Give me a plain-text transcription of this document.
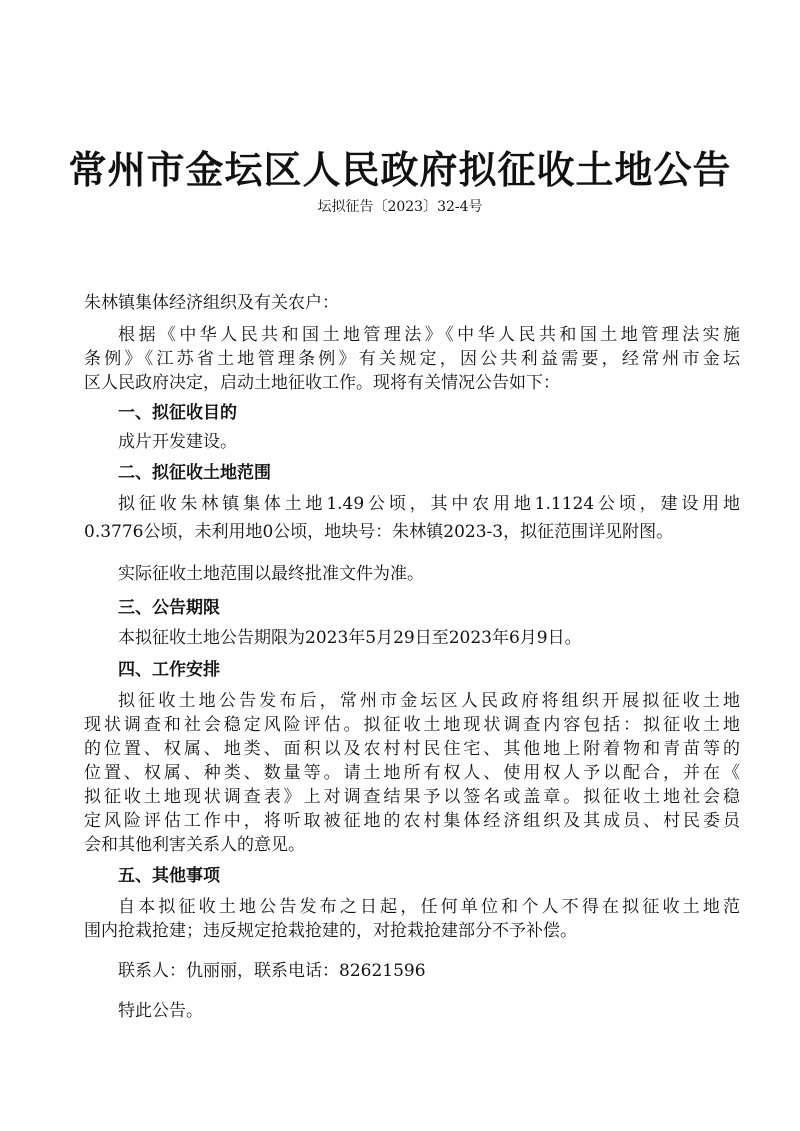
常州市金坛区人民政府拟征收土地公告
坛拟征告〔2023〕32-4号
朱林镇集体经济组织及有关农户：
根据《中华人民共和国土地管理法》《中华人民共和国土地管理法实施
条例》《江苏省土地管理条例》有关规定，因公共利益需要，经常州市金坛
区人民政府决定，启动土地征收工作。现将有关情况公告如下：
一、拟征收目的
成片开发建设。
二、拟征收土地范围
拟征收朱林镇集体土地1.49公顷，其中农用地1.1124公顷，建设用地
0.3776公顷，未利用地0公顷，地块号：朱林镇2023-3，拟征范围详见附图。
实际征收土地范围以最终批准文件为准。
三、公告期限
本拟征收土地公告期限为2023年5月29日至2023年6月9日。
四、工作安排
拟征收土地公告发布后，常州市金坛区人民政府将组织开展拟征收土地
现状调查和社会稳定风险评估。拟征收土地现状调查内容包括：拟征收土地
的位置、权属、地类、面积以及农村村民住宅、其他地上附着物和青苗等的
位置、权属、种类、数量等。请土地所有权人、使用权人予以配合，并在《
拟征收土地现状调查表》上对调查结果予以签名或盖章。拟征收土地社会稳
定风险评估工作中，将听取被征地的农村集体经济组织及其成员、村民委员
会和其他利害关系人的意见。
五、其他事项
自本拟征收土地公告发布之日起，任何单位和个人不得在拟征收土地范
围内抢栽抢建；违反规定抢栽抢建的，对抢栽抢建部分不予补偿。
联系人：仇丽丽，联系电话：82621596
特此公告。
